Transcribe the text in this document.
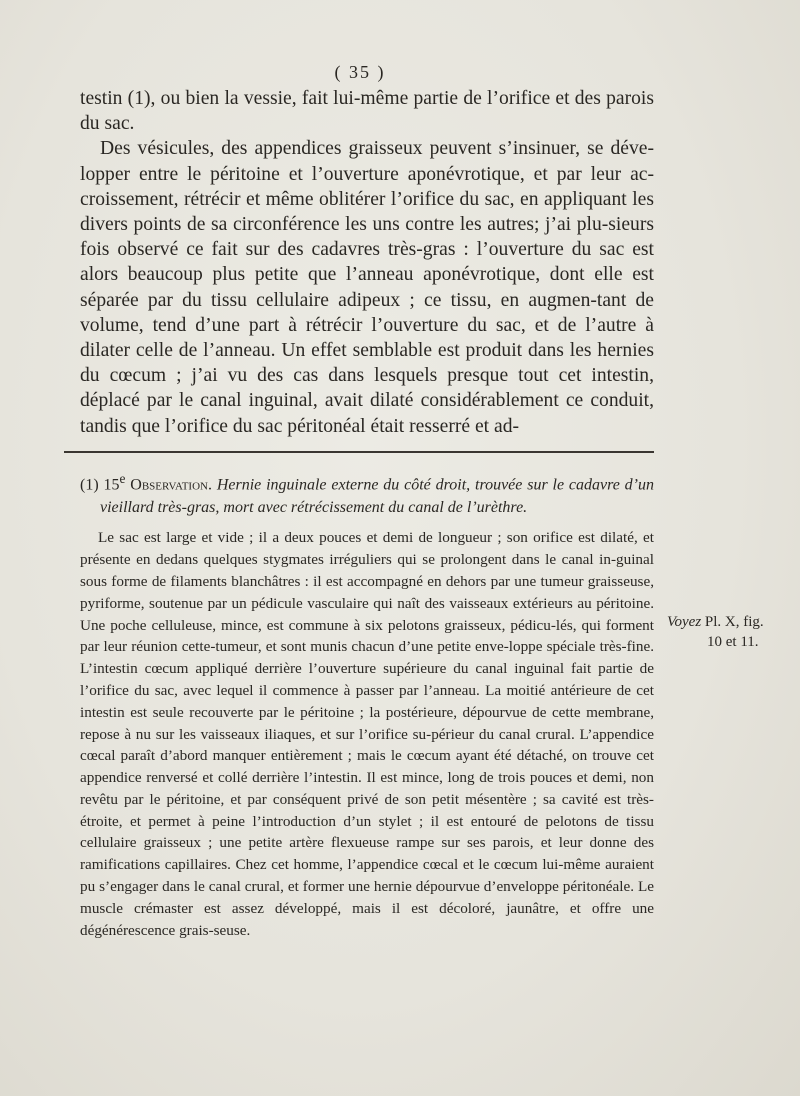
( 35 )

testin (1), ou bien la vessie, fait lui-même partie de l’orifice et des parois du sac.

Des vésicules, des appendices graisseux peuvent s’insinuer, se déve-lopper entre le péritoine et l’ouverture aponévrotique, et par leur ac-croissement, rétrécir et même oblitérer l’orifice du sac, en appliquant les divers points de sa circonférence les uns contre les autres; j’ai plu-sieurs fois observé ce fait sur des cadavres très-gras : l’ouverture du sac est alors beaucoup plus petite que l’anneau aponévrotique, dont elle est séparée par du tissu cellulaire adipeux ; ce tissu, en augmen-tant de volume, tend d’une part à rétrécir l’ouverture du sac, et de l’autre à dilater celle de l’anneau. Un effet semblable est produit dans les hernies du cœcum ; j’ai vu des cas dans lesquels presque tout cet intestin, déplacé par le canal inguinal, avait dilaté considérablement ce conduit, tandis que l’orifice du sac péritonéal était resserré et ad-

(1) 15e Observation. Hernie inguinale externe du côté droit, trouvée sur le cadavre d’un vieillard très-gras, mort avec rétrécissement du canal de l’urèthre.

Le sac est large et vide ; il a deux pouces et demi de longueur ; son orifice est dilaté, et présente en dedans quelques stygmates irréguliers qui se prolongent dans le canal in-guinal sous forme de filaments blanchâtres : il est accompagné en dehors par une tumeur graisseuse, pyriforme, soutenue par un pédicule vasculaire qui naît des vaisseaux extérieurs au péritoine. Une poche celluleuse, mince, est commune à six pelotons graisseux, pédicu-lés, qui forment par leur réunion cette-tumeur, et sont munis chacun d’une petite enve-loppe spéciale très-fine. L’intestin cœcum appliqué derrière l’ouverture supérieure du canal inguinal fait partie de l’orifice du sac, avec lequel il commence à passer par l’anneau. La moitié antérieure de cet intestin est seule recouverte par le péritoine ; la postérieure, dépourvue de cette membrane, repose à nu sur les vaisseaux iliaques, et sur l’orifice su-périeur du canal crural. L’appendice cœcal paraît d’abord manquer entièrement ; mais le cœcum ayant été détaché, on trouve cet appendice renversé et collé derrière l’intestin. Il est mince, long de trois pouces et demi, non revêtu par le péritoine, et par conséquent privé de son petit mésentère ; sa cavité est très-étroite, et permet à peine l’introduction d’un stylet ; il est entouré de pelotons de tissu cellulaire graisseux ; une petite artère flexueuse rampe sur ses parois, et leur donne des ramifications capillaires. Chez cet homme, l’appendice cœcal et le cœcum lui-même auraient pu s’engager dans le canal crural, et former une hernie dépourvue d’enveloppe péritonéale. Le muscle crémaster est assez développé, mais il est décoloré, jaunâtre, et offre une dégénérescence grais-seuse.

Voyez Pl. X, fig.
10 et 11.
